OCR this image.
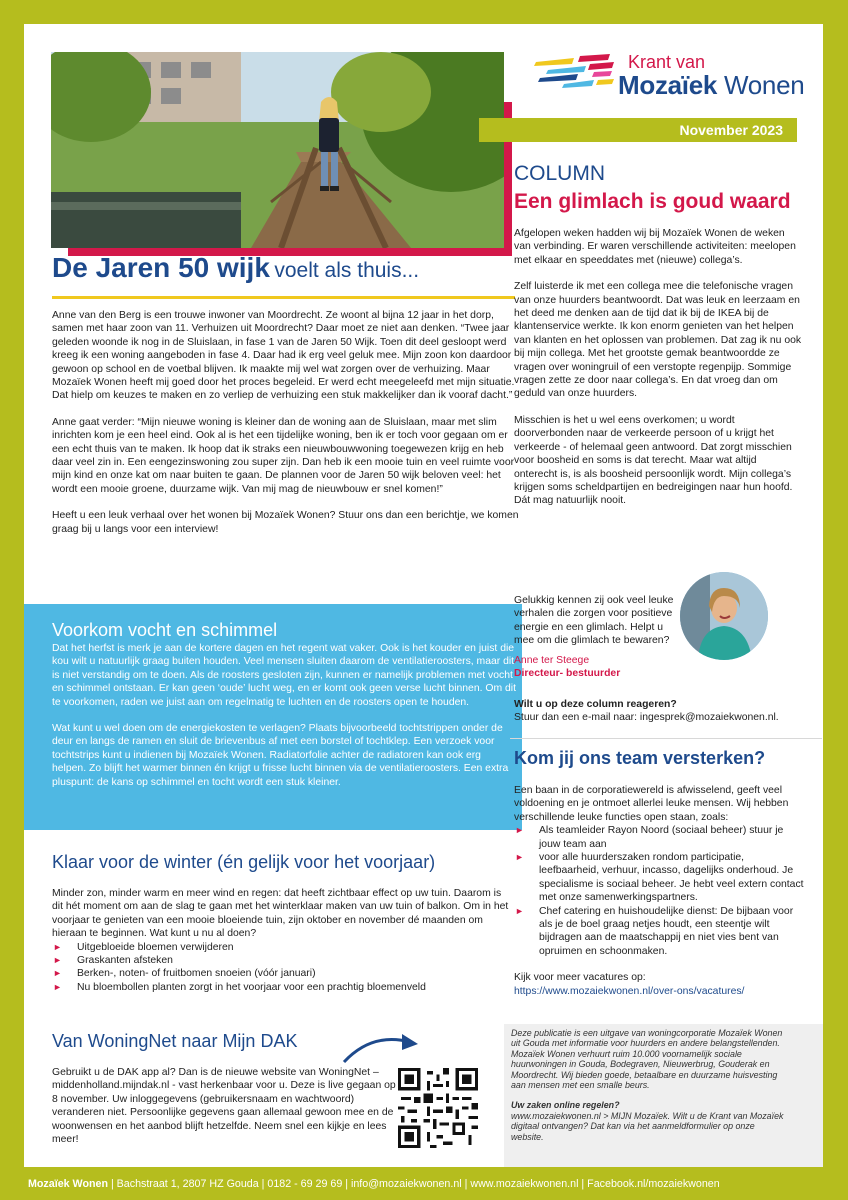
Krant van
Mozaïek Wonen
November 2023
De Jaren 50 wijk voelt als thuis...

Anne van den Berg is een trouwe inwoner van Moordrecht. Ze woont al bijna 12 jaar in het dorp, samen met haar zoon van 11. Verhuizen uit Moordrecht? Daar moet ze niet aan denken. “Twee jaar geleden woonde ik nog in de Sluislaan, in fase 1 van de Jaren 50 Wijk. Toen dit deel gesloopt werd kreeg ik een woning aangeboden in fase 4. Daar had ik erg veel geluk mee. Mijn zoon kon daardoor gewoon op school en de voetbal blijven. Ik maakte mij wel wat zorgen over de verhuizing. Maar Mozaïek Wonen heeft mij goed door het proces begeleid. Er werd echt meegeleefd met mijn situatie. Dat hielp om keuzes te maken en zo verliep de verhuizing een stuk makkelijker dan ik vooraf dacht.”

Anne gaat verder: “Mijn nieuwe woning is kleiner dan de woning aan de Sluislaan, maar met slim inrichten kom je een heel eind. Ook al is het een tijdelijke woning, ben ik er toch voor gegaan om er een echt thuis van te maken. Ik hoop dat ik straks een nieuwbouwwoning toegewezen krijg en heb daar veel zin in. Een eengezinswoning zou super zijn. Dan heb ik een mooie tuin en veel ruimte voor mijn kind en onze kat om naar buiten te gaan. De plannen voor de Jaren 50 wijk beloven veel: het wordt een mooie groene, duurzame wijk. Van mij mag de nieuwbouw er snel komen!”

Heeft u een leuk verhaal over het wonen bij Mozaïek Wonen? Stuur ons dan een berichtje, we komen graag bij u langs voor een interview!

Voorkom vocht en schimmel

Dat het herfst is merk je aan de kortere dagen en het regent wat vaker. Ook is het kouder en juist die kou wilt u natuurlijk graag buiten houden. Veel mensen sluiten daarom de ventilatieroosters, maar dit is niet verstandig om te doen. Als de roosters gesloten zijn, kunnen er namelijk problemen met vocht en schimmel ontstaan. Er kan geen ‘oude’ lucht weg, en er komt ook geen verse lucht binnen. Om dit te voorkomen, raden we juist aan om regelmatig te luchten en de roosters open te houden.

Wat kunt u wel doen om de energiekosten te verlagen? Plaats bijvoorbeeld tochtstrippen onder de deur en langs de ramen en sluit de brievenbus af met een borstel of tochtklep. Een verzoek voor tochtstrips kunt u indienen bij Mozaïek Wonen. Radiatorfolie achter de radiatoren kan ook erg helpen. Zo blijft het warmer binnen én krijgt u frisse lucht binnen via de ventilatieroosters. Een extra pluspunt: de kans op schimmel en tocht wordt een stuk kleiner.

Klaar voor de winter (én gelijk voor het voorjaar)

Minder zon, minder warm en meer wind en regen: dat heeft zichtbaar effect op uw tuin. Daarom is dit hét moment om aan de slag te gaan met het winterklaar maken van uw tuin of balkon. Om in het voorjaar te genieten van een mooie bloeiende tuin, zijn oktober en november dé maanden om hieraan te beginnen. Wat kunt u nu al doen?

► Uitgebloeide bloemen verwijderen
► Graskanten afsteken
► Berken-, noten- of fruitbomen snoeien (vóór januari)
► Nu bloembollen planten zorgt in het voorjaar voor een prachtig bloemenveld
Van WoningNet naar Mijn DAK
Gebruikt u de DAK app al? Dan is de nieuwe website van WoningNet – middenholland.mijndak.nl - vast herkenbaar voor u. Deze is live gegaan op 8 november. Uw inloggegevens (gebruikersnaam en wachtwoord) veranderen niet. Persoonlijke gegevens gaan allemaal gewoon mee en de woonwensen en het aanbod blijft hetzelfde. Neem snel een kijkje en lees meer!
COLUMN
Een glimlach is goud waard

Afgelopen weken hadden wij bij Mozaïek Wonen de weken van verbinding. Er waren verschillende activiteiten: meelopen met elkaar en speeddates met (nieuwe) collega’s.

Zelf luisterde ik met een collega mee die telefonische vragen van onze huurders beantwoordt. Dat was leuk en leerzaam en het deed me denken aan de tijd dat ik bij de IKEA bij de klantenservice werkte. Ik kon enorm genieten van het helpen van klanten en het oplossen van problemen. Dat zag ik nu ook bij mijn collega. Met het grootste gemak beantwoordde ze vragen over woningruil of een verstopte regenpijp. Sommige vragen zette ze door naar collega’s. En dat vroeg dan om geduld van onze huurders.

Misschien is het u wel eens overkomen; u wordt doorverbonden naar de verkeerde persoon of u krijgt het verkeerde - of helemaal geen antwoord. Dat zorgt misschien voor boosheid en soms is dat terecht. Maar wat altijd onterecht is, is als boosheid persoonlijk wordt. Mijn collega’s krijgen soms scheldpartijen en bedreigingen naar hun hoofd. Dát mag natuurlijk nooit.

Gelukkig kennen zij ook veel leuke verhalen die zorgen voor positieve energie en een glimlach. Helpt u mee om die glimlach te bewaren?
Anne ter Steege
Directeur- bestuurder
Wilt u op deze column reageren?
Stuur dan een e-mail naar: ingesprek@mozaiekwonen.nl.
Kom jij ons team versterken?

Een baan in de corporatiewereld is afwisselend, geeft veel voldoening en je ontmoet allerlei leuke mensen. Wij hebben verschillende leuke functies open staan, zoals:

► Als teamleider Rayon Noord (sociaal beheer) stuur je jouw team aan
► voor alle huurderszaken rondom participatie, leefbaarheid, verhuur, incasso, dagelijks onderhoud. Je specialisme is sociaal beheer. Je hebt veel extern contact met onze samenwerkingspartners.
► Chef catering en huishoudelijke dienst: De bijbaan voor als je de boel graag netjes houdt, een steentje wilt bijdragen aan de maatschappij en niet vies bent van opruimen en schoonmaken.

Kijk voor meer vacatures op:

https://www.mozaiekwonen.nl/over-ons/vacatures/

Deze publicatie is een uitgave van woningcorporatie Mozaïek Wonen uit Gouda met informatie voor huurders en andere belangstellenden. Mozaïek Wonen verhuurt ruim 10.000 voornamelijk sociale huurwoningen in Gouda, Bodegraven, Nieuwerbrug, Gouderak en Moordrecht. Wij bieden goede, betaalbare en duurzame huisvesting aan mensen met een smalle beurs.

Uw zaken online regelen?
www.mozaiekwonen.nl > MIJN Mozaïek. Wilt u de Krant van Mozaïek digitaal ontvangen? Dat kan via het aanmeldformulier op onze website.
Mozaïek Wonen | Bachstraat 1, 2807 HZ Gouda | 0182 - 69 29 69 | info@mozaiekwonen.nl | www.mozaiekwonen.nl | Facebook.nl/mozaiekwonen
